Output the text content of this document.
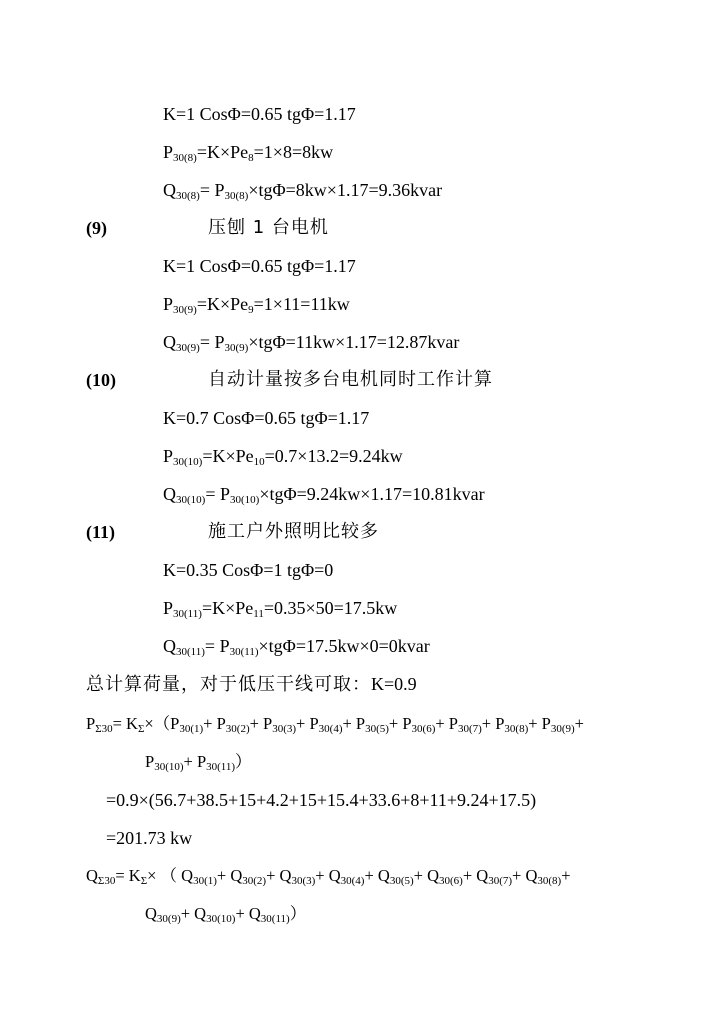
K=1 CosΦ=0.65 tgΦ=1.17
$P_{30(8)}=K\times Pe_8=1\times 8=8kw$
$Q_{30(8)}=$ $P_{30(8)}\times tg\Phi=8kw\times 1.17=9.36kvar$
(9)	压刨 1 台电机
K=1 CosΦ=0.65 tgΦ=1.17
$P_{30(9)}=K\times Pe_9=1\times 11=11kw$
$Q_{30(9)}=$ $P_{30(9)}\times tg\Phi=11kw\times 1.17=12.87kvar$
(10)	自动计量按多台电机同时工作计算
K=0.7 CosΦ=0.65 tgΦ=1.17
$P_{30(10)}=K\times Pe_{10}=0.7\times 13.2=9.24kw$
$Q_{30(10)}=$ $P_{30(10)}\times tg\Phi=9.24kw\times 1.17=10.81kvar$
(11)	施工户外照明比较多
K=0.35 CosΦ=1 tgΦ=0
$P_{30(11)}=K\times Pe_{11}=0.35\times 50=17.5kw$
$Q_{30(11)}=$ $P_{30(11)}\times tg\Phi=17.5kw\times 0=0kvar$
总计算荷量，对于低压干线可取：K=0.9
$P_{\Sigma 30}= K_\Sigma\times(P_{30(1)}+ P_{30(2)}+ P_{30(3)}+ P_{30(4)}+ P_{30(5)}+ P_{30(6)}+ P_{30(7)}+ P_{30(8)}+ P_{30(9)}+$
$P_{30(10)}+ P_{30(11)}$）
=0.9×(56.7+38.5+15+4.2+15+15.4+33.6+8+11+9.24+17.5)
=201.73 kw
$Q_{\Sigma 30}= K_\Sigma\times$ （ $Q_{30(1)}+ Q_{30(2)}+ Q_{30(3)}+ Q_{30(4)}+ Q_{30(5)}+ Q_{30(6)}+ Q_{30(7)}+ Q_{30(8)}+$
$Q_{30(9)}+ Q_{30(10)}+ Q_{30(11)}$）
